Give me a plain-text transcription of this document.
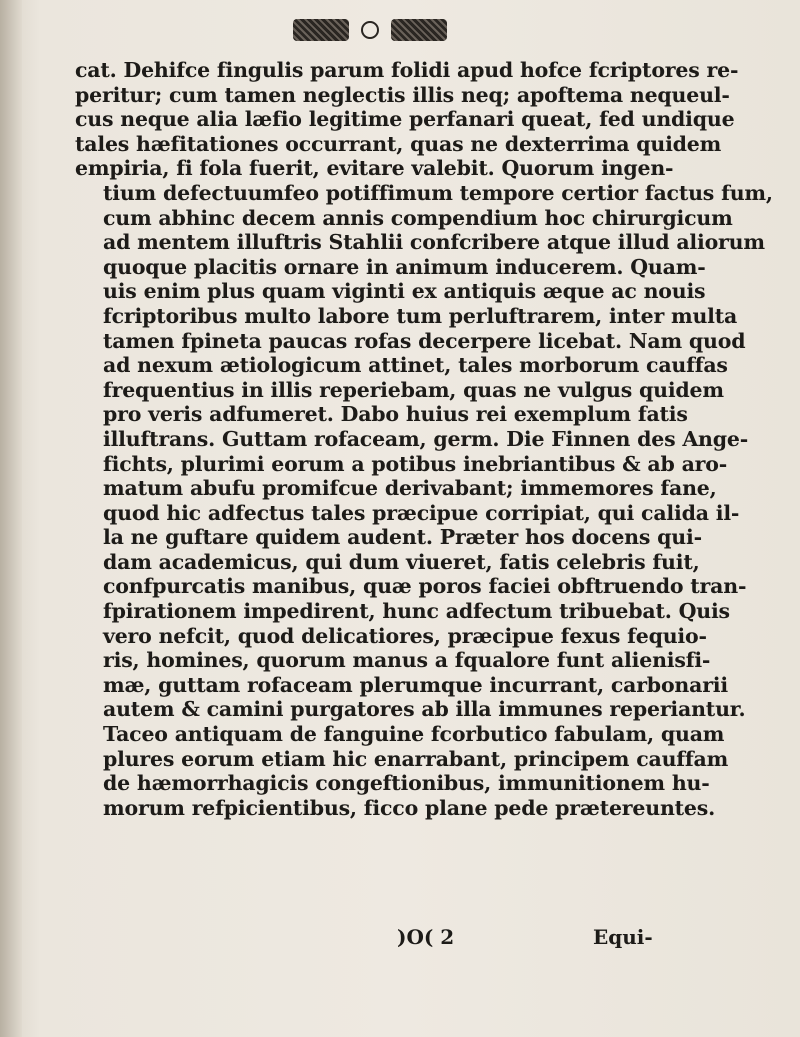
cat. Dehifce fingulis parum folidi apud hofce fcriptores re-
peritur; cum tamen neglectis illis neq; apoftema nequeul-
cus neque alia læfio legitime perfanari queat, fed undique
tales hæfitationes occurrant, quas ne dexterrima quidem
empiria, fi fola fuerit, evitare valebit. Quorum ingen-
tium defectuumfeo potiffimum tempore certior factus fum,
cum abhinc decem annis compendium hoc chirurgicum
ad mentem illuftris Stahlii confcribere atque illud aliorum
quoque placitis ornare in animum inducerem. Quam-
uis enim plus quam viginti ex antiquis æque ac nouis
fcriptoribus multo labore tum perluftrarem, inter multa
tamen fpineta paucas rofas decerpere licebat. Nam quod
ad nexum ætiologicum attinet, tales morborum cauffas
frequentius in illis reperiebam, quas ne vulgus quidem
pro veris adfumeret. Dabo huius rei exemplum fatis
illuftrans. Guttam rofaceam, germ. Die Finnen des Ange-
fichts, plurimi eorum a potibus inebriantibus & ab aro-
matum abufu promifcue derivabant; immemores fane,
quod hic adfectus tales præcipue corripiat, qui calida il-
la ne guftare quidem audent. Præter hos docens qui-
dam academicus, qui dum viueret, fatis celebris fuit,
confpurcatis manibus, quæ poros faciei obftruendo tran-
fpirationem impedirent, hunc adfectum tribuebat. Quis
vero nefcit, quod delicatiores, præcipue fexus fequio-
ris, homines, quorum manus a fqualore funt alienisfi-
mæ, guttam rofaceam plerumque incurrant, carbonarii
autem & camini purgatores ab illa immunes reperiantur.
Taceo antiquam de fanguine fcorbutico fabulam, quam
plures eorum etiam hic enarrabant, principem cauffam
de hæmorrhagicis congeftionibus, immunitionem hu-
morum refpicientibus, ficco plane pede prætereuntes.
)O( 2	Equi-
